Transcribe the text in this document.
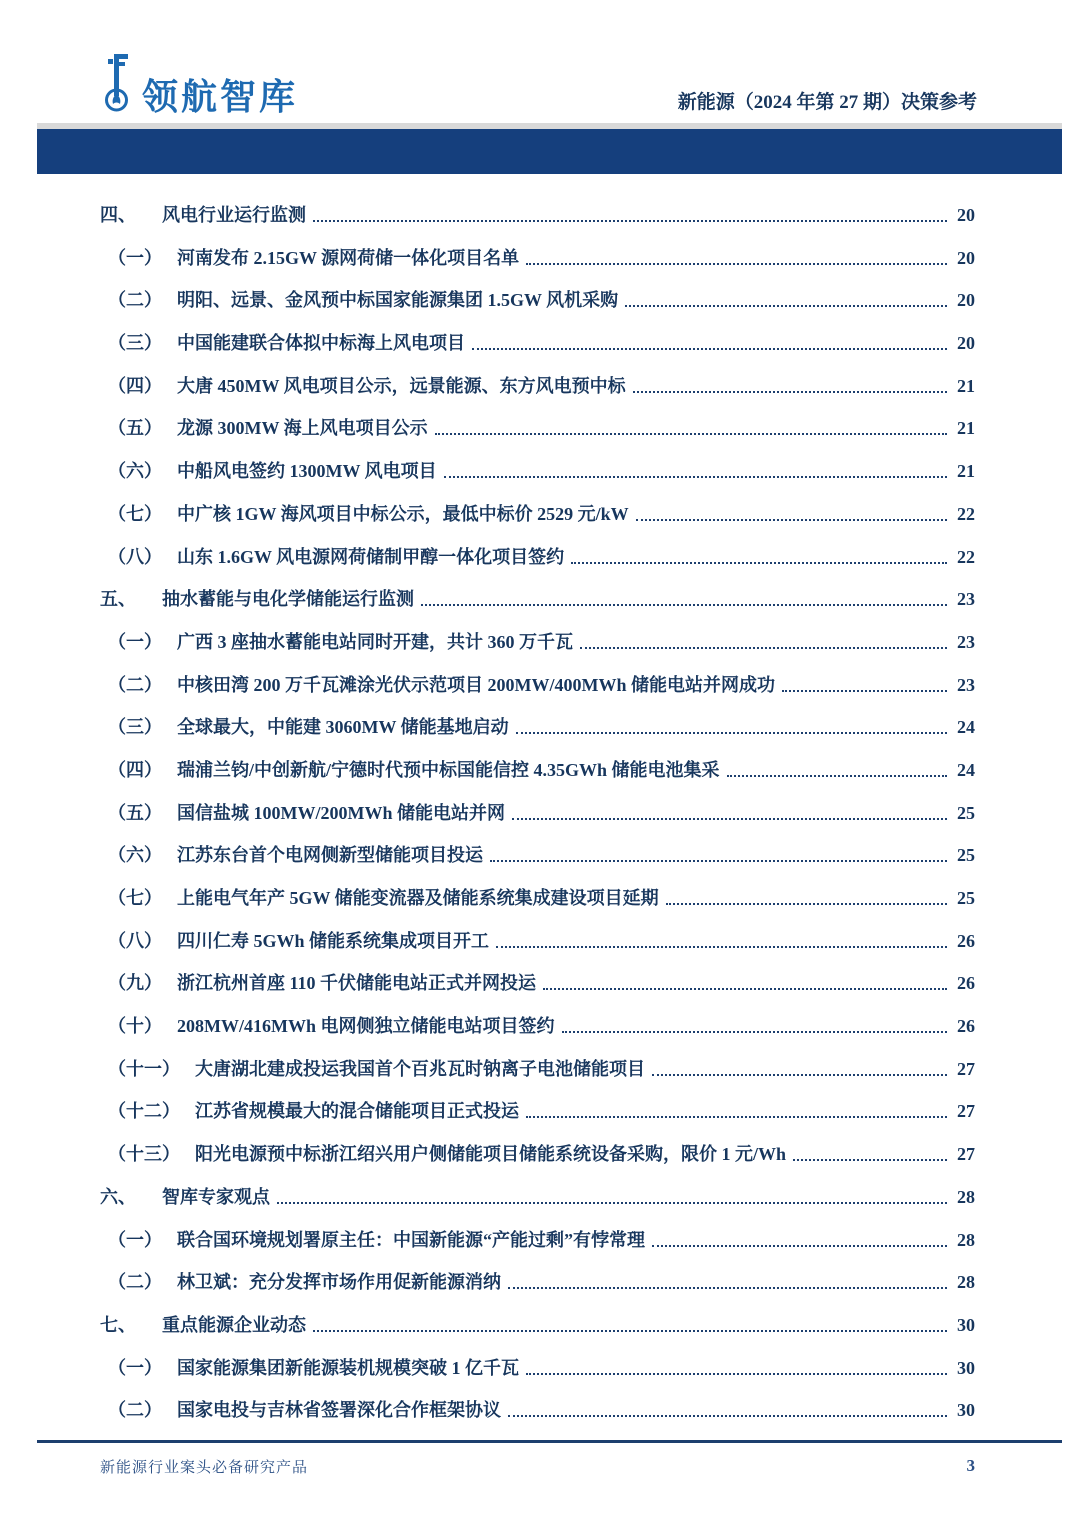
领航智库	新能源（2024 年第 27 期）决策参考
四、 风电行业运行监测	20
（一） 河南发布 2.15GW 源网荷储一体化项目名单	20
（二） 明阳、远景、金风预中标国家能源集团 1.5GW 风机采购	20
（三） 中国能建联合体拟中标海上风电项目	20
（四） 大唐 450MW 风电项目公示，远景能源、东方风电预中标	21
（五） 龙源 300MW 海上风电项目公示	21
（六） 中船风电签约 1300MW 风电项目	21
（七） 中广核 1GW 海风项目中标公示，最低中标价 2529 元/kW	22
（八） 山东 1.6GW 风电源网荷储制甲醇一体化项目签约	22
五、 抽水蓄能与电化学储能运行监测	23
（一） 广西 3 座抽水蓄能电站同时开建，共计 360 万千瓦	23
（二） 中核田湾 200 万千瓦滩涂光伏示范项目 200MW/400MWh 储能电站并网成功	23
（三） 全球最大，中能建 3060MW 储能基地启动	24
（四） 瑞浦兰钧/中创新航/宁德时代预中标国能信控 4.35GWh 储能电池集采	24
（五） 国信盐城 100MW/200MWh 储能电站并网	25
（六） 江苏东台首个电网侧新型储能项目投运	25
（七） 上能电气年产 5GW 储能变流器及储能系统集成建设项目延期	25
（八） 四川仁寿 5GWh 储能系统集成项目开工	26
（九） 浙江杭州首座 110 千伏储能电站正式并网投运	26
（十） 208MW/416MWh 电网侧独立储能电站项目签约	26
（十一） 大唐湖北建成投运我国首个百兆瓦时钠离子电池储能项目	27
（十二） 江苏省规模最大的混合储能项目正式投运	27
（十三） 阳光电源预中标浙江绍兴用户侧储能项目储能系统设备采购，限价 1 元/Wh	27
六、 智库专家观点	28
（一） 联合国环境规划署原主任：中国新能源“产能过剩”有悖常理	28
（二） 林卫斌：充分发挥市场作用促新能源消纳	28
七、 重点能源企业动态	30
（一） 国家能源集团新能源装机规模突破 1 亿千瓦	30
（二） 国家电投与吉林省签署深化合作框架协议	30
新能源行业案头必备研究产品	3
